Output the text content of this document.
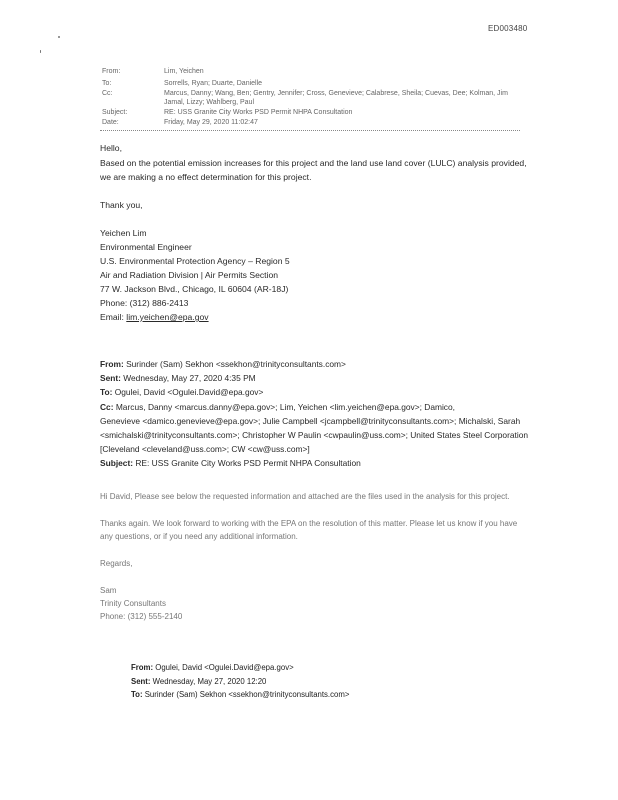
ED003480
From:	Lim, Yeichen
To:	Sorrells, Ryan; Duarte, Danielle
Cc:	Marcus, Danny; Wang, Ben; Gentry, Jennifer; Cross, Genevieve; Calabrese, Sheila; Cuevas, Dee; Kolman, Jim
Jamal, Lizzy; Wahlberg, Paul
Subject:	RE: USS Granite City Works PSD Permit NHPA Consultation
Date:	Friday, May 29, 2020 11:02:47

Hello,

Based on the potential emission increases for this project and the land use land cover (LULC) analysis provided, we are making a no effect determination for this project.

Thank you,

Yeichen Lim

Environmental Engineer

U.S. Environmental Protection Agency – Region 5

Air and Radiation Division | Air Permits Section

77 W. Jackson Blvd., Chicago, IL 60604 (AR-18J)

Phone: (312) 886-2413

Email: lim.yeichen@epa.gov

From: Surinder (Sam) Sekhon <ssekhon@trinityconsultants.com>
Sent: Wednesday, May 27, 2020 4:35 PM
To: Ogulei, David <Ogulei.David@epa.gov>
Cc: Marcus, Danny <marcus.danny@epa.gov>; Lim, Yeichen <lim.yeichen@epa.gov>; Damico,
Genevieve <damico.genevieve@epa.gov>; Julie Campbell <jcampbell@trinityconsultants.com>; Michalski, Sarah
<smichalski@trinityconsultants.com>; Christopher W Paulin <cwpaulin@uss.com>; United States Steel Corporation
[Cleveland <cleveland@uss.com>; CW <cw@uss.com>]
Subject: RE: USS Granite City Works PSD Permit NHPA Consultation

Hi David, Please see below the requested information and attached are the files used in the analysis for this project.

Thanks again. We look forward to working with the EPA on the resolution of this matter. Please let us know if you have any questions, or if you need any additional information.

Regards,

Sam

Trinity Consultants

Phone: (312) 555-2140

From: Ogulei, David <Ogulei.David@epa.gov>
Sent: Wednesday, May 27, 2020 12:20
To: Surinder (Sam) Sekhon <ssekhon@trinityconsultants.com>
